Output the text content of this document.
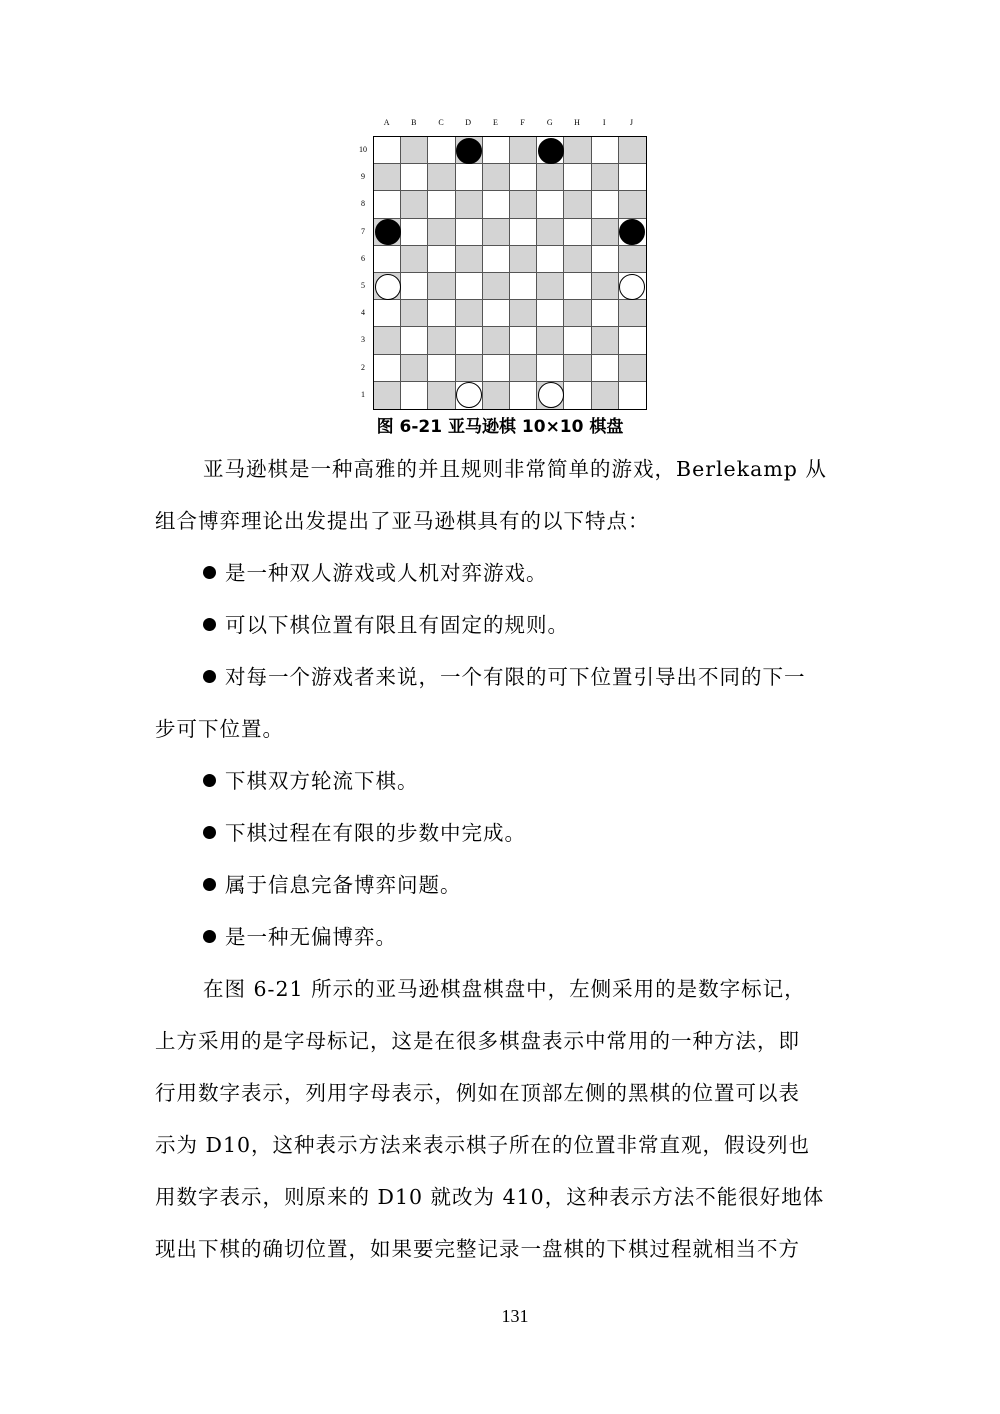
A	B	C	D	E	F	G	H	I	J
10
9
8
7
6
5
4
3
2
1
图 6-21 亚马逊棋 10×10 棋盘
亚马逊棋是一种高雅的并且规则非常简单的游戏，Berlekamp 从
组合博弈理论出发提出了亚马逊棋具有的以下特点：
是一种双人游戏或人机对弈游戏。
可以下棋位置有限且有固定的规则。
对每一个游戏者来说，一个有限的可下位置引导出不同的下一
步可下位置。
下棋双方轮流下棋。
下棋过程在有限的步数中完成。
属于信息完备博弈问题。
是一种无偏博弈。
在图 6-21 所示的亚马逊棋盘棋盘中，左侧采用的是数字标记，
上方采用的是字母标记，这是在很多棋盘表示中常用的一种方法，即
行用数字表示，列用字母表示，例如在顶部左侧的黑棋的位置可以表
示为 D10，这种表示方法来表示棋子所在的位置非常直观，假设列也
用数字表示，则原来的 D10 就改为 410，这种表示方法不能很好地体
现出下棋的确切位置，如果要完整记录一盘棋的下棋过程就相当不方
131
